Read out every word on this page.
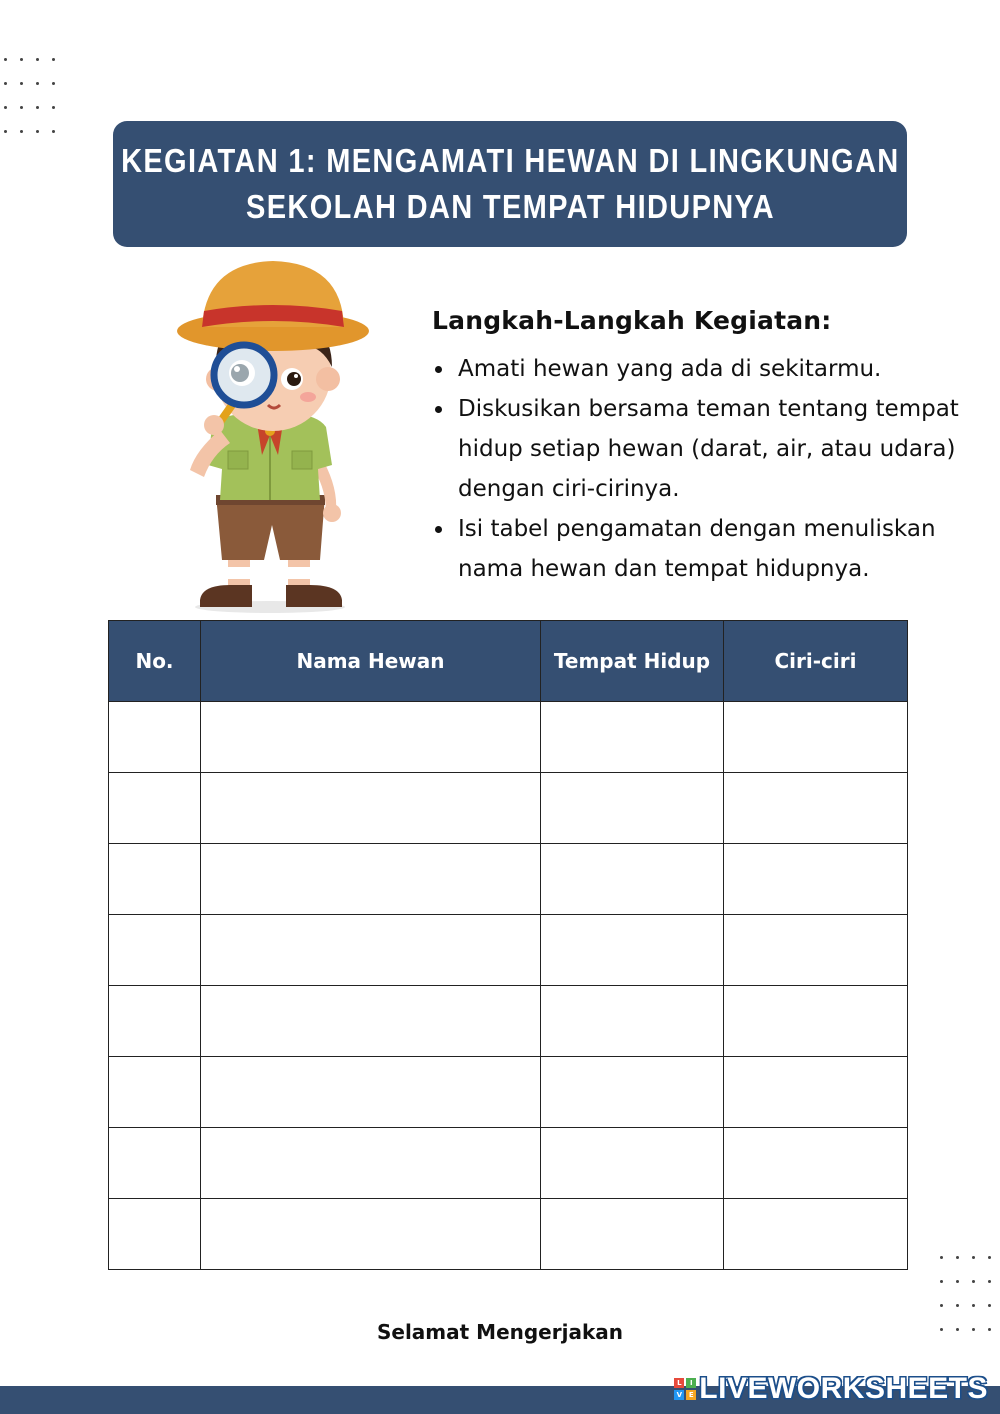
KEGIATAN 1: MENGAMATI HEWAN DI LINGKUNGAN
SEKOLAH DAN TEMPAT HIDUPNYA
Langkah-Langkah Kegiatan:
Amati hewan yang ada di sekitarmu.
Diskusikan bersama teman tentang tempat
hidup setiap hewan (darat, air, atau udara)
dengan ciri-cirinya.
Isi tabel pengamatan dengan menuliskan
nama hewan dan tempat hidupnya.
No.	Nama Hewan	Tempat Hidup	Ciri-ciri

Selamat Mengerjakan
L	I
V E LIVEWORKSHEETS
